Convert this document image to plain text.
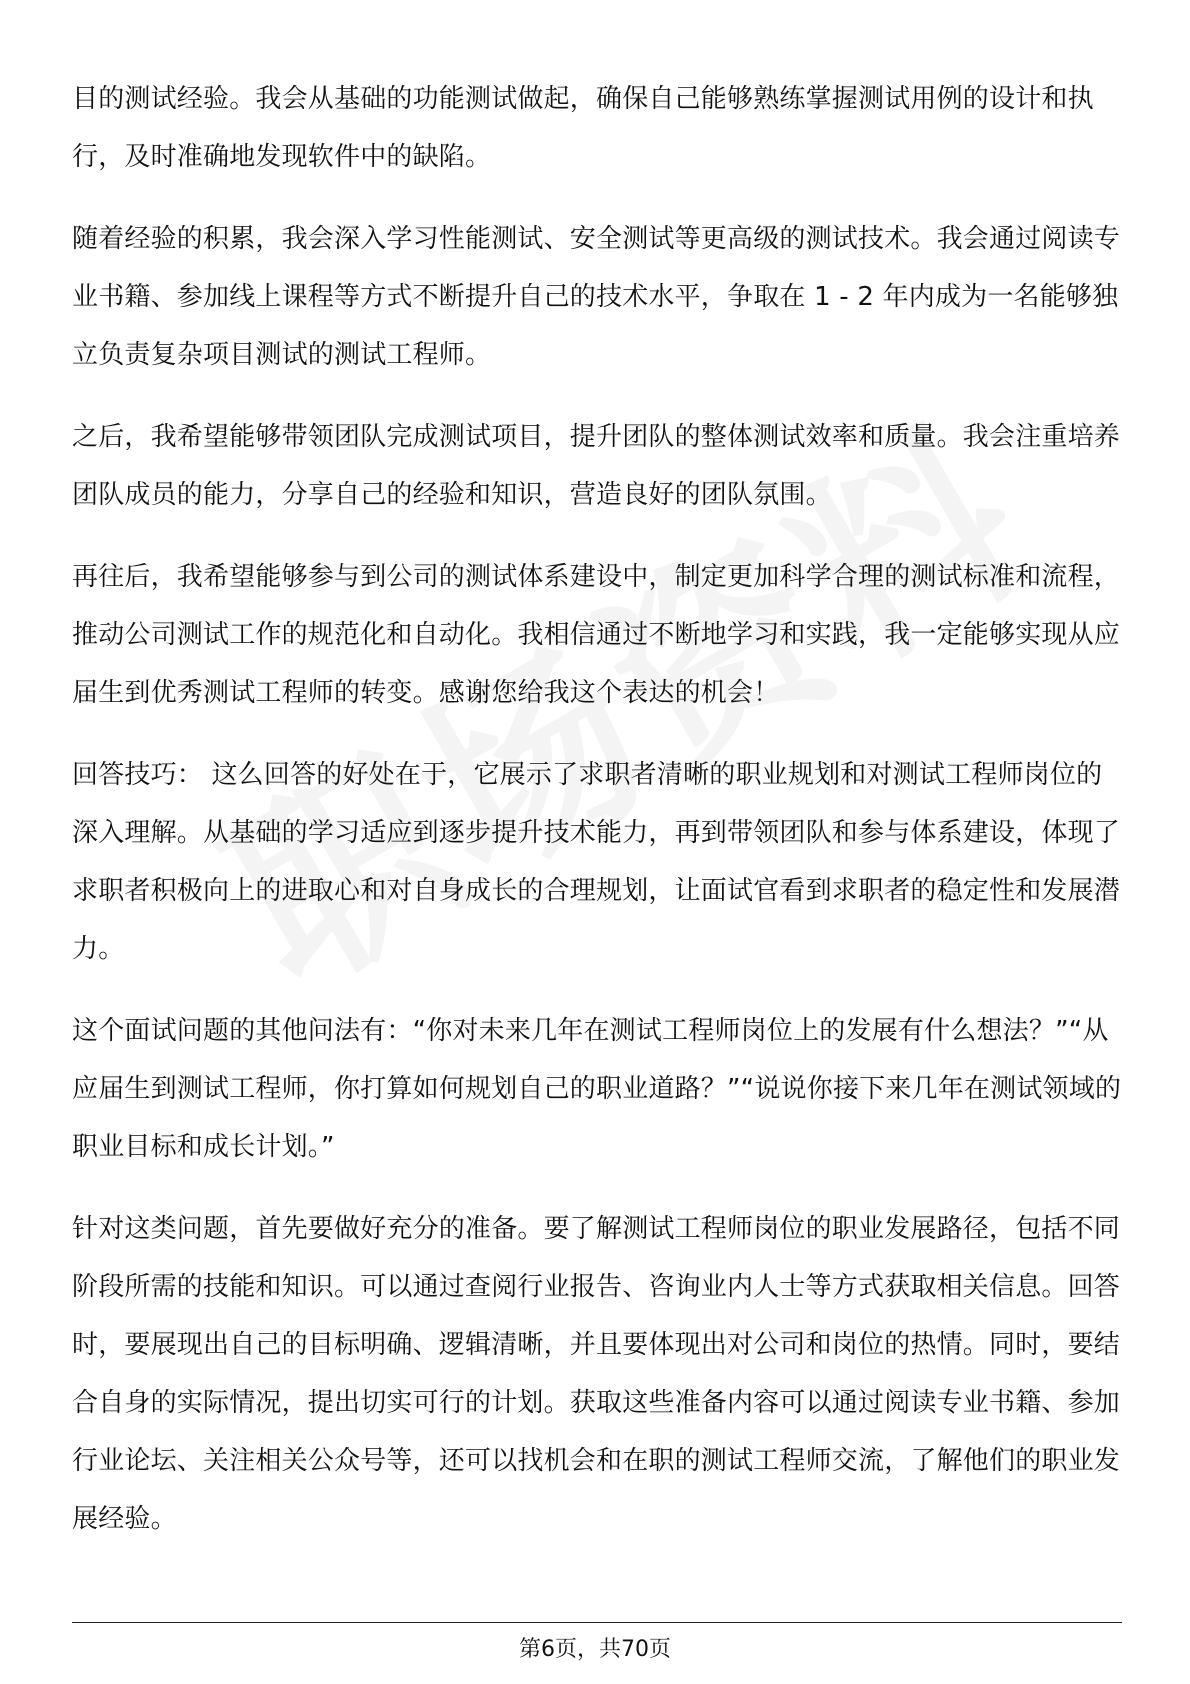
目的测试经验。我会从基础的功能测试做起，确保自己能够熟练掌握测试用例的设计和执行，及时准确地发现软件中的缺陷。

随着经验的积累，我会深入学习性能测试、安全测试等更高级的测试技术。我会通过阅读专业书籍、参加线上课程等方式不断提升自己的技术水平，争取在 1 - 2 年内成为一名能够独立负责复杂项目测试的测试工程师。

之后，我希望能够带领团队完成测试项目，提升团队的整体测试效率和质量。我会注重培养团队成员的能力，分享自己的经验和知识，营造良好的团队氛围。

再往后，我希望能够参与到公司的测试体系建设中，制定更加科学合理的测试标准和流程，推动公司测试工作的规范化和自动化。我相信通过不断地学习和实践，我一定能够实现从应届生到优秀测试工程师的转变。感谢您给我这个表达的机会！

回答技巧： 这么回答的好处在于，它展示了求职者清晰的职业规划和对测试工程师岗位的深入理解。从基础的学习适应到逐步提升技术能力，再到带领团队和参与体系建设，体现了求职者积极向上的进取心和对自身成长的合理规划，让面试官看到求职者的稳定性和发展潜力。

这个面试问题的其他问法有：“你对未来几年在测试工程师岗位上的发展有什么想法？”“从应届生到测试工程师，你打算如何规划自己的职业道路？”“说说你接下来几年在测试领域的职业目标和成长计划。”

针对这类问题，首先要做好充分的准备。要了解测试工程师岗位的职业发展路径，包括不同阶段所需的技能和知识。可以通过查阅行业报告、咨询业内人士等方式获取相关信息。回答时，要展现出自己的目标明确、逻辑清晰，并且要体现出对公司和岗位的热情。同时，要结合自身的实际情况，提出切实可行的计划。获取这些准备内容可以通过阅读专业书籍、参加行业论坛、关注相关公众号等，还可以找机会和在职的测试工程师交流，了解他们的职业发展经验。

第6页，共70页
